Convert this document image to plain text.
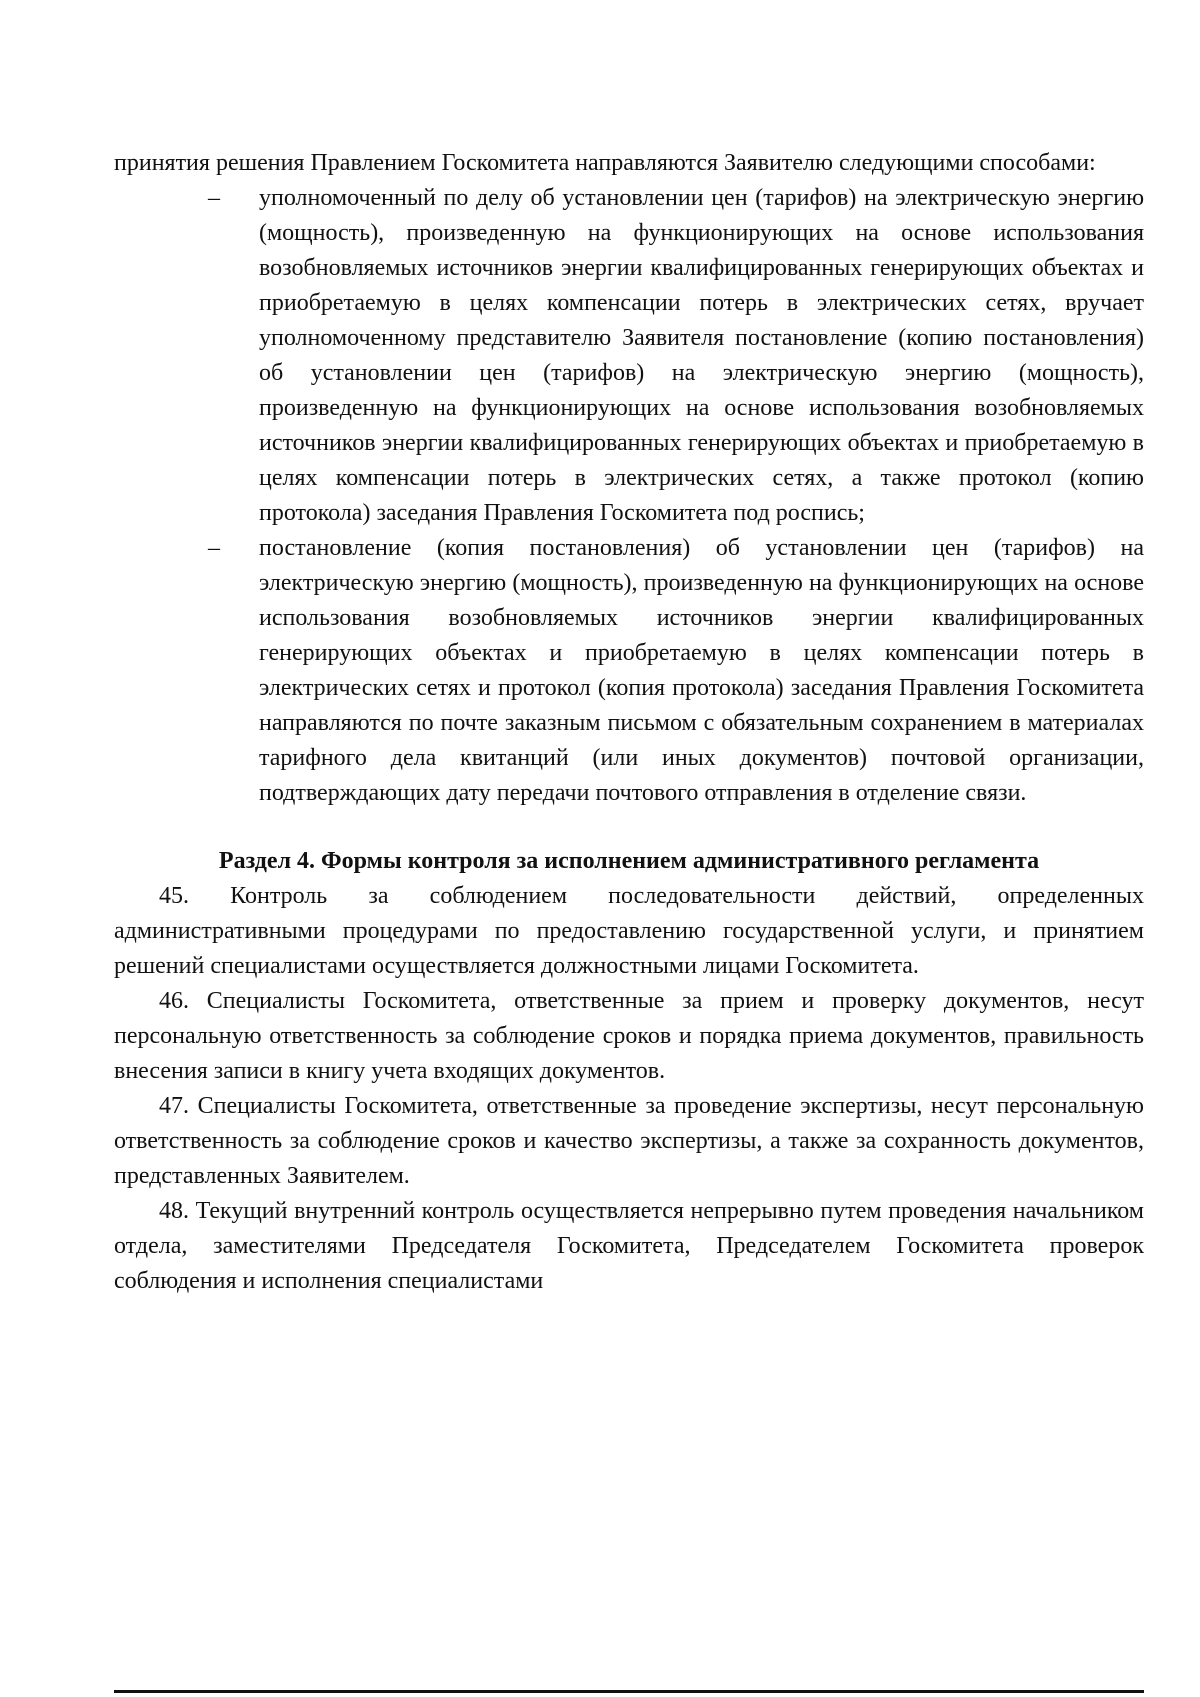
принятия решения Правлением Госкомитета направляются Заявителю следующими способами:

– уполномоченный по делу об установлении цен (тарифов) на электрическую энергию (мощность), произведенную на функционирующих на основе использования возобновляемых источников энергии квалифицированных генерирующих объектах и приобретаемую в целях компенсации потерь в электрических сетях, вручает уполномоченному представителю Заявителя постановление (копию постановления) об установлении цен (тарифов) на электрическую энергию (мощность), произведенную на функционирующих на основе использования возобновляемых источников энергии квалифицированных генерирующих объектах и приобретаемую в целях компенсации потерь в электрических сетях, а также протокол (копию протокола) заседания Правления Госкомитета под роспись;
– постановление (копия постановления) об установлении цен (тарифов) на электрическую энергию (мощность), произведенную на функционирующих на основе использования возобновляемых источников энергии квалифицированных генерирующих объектах и приобретаемую в целях компенсации потерь в электрических сетях и протокол (копия протокола) заседания Правления Госкомитета направляются по почте заказным письмом с обязательным сохранением в материалах тарифного дела квитанций (или иных документов) почтовой организации, подтверждающих дату передачи почтового отправления в отделение связи.

Раздел 4. Формы контроля за исполнением административного регламента

45. Контроль за соблюдением последовательности действий, определенных административными процедурами по предоставлению государственной услуги, и принятием решений специалистами осуществляется должностными лицами Госкомитета.

46. Специалисты Госкомитета, ответственные за прием и проверку документов, несут персональную ответственность за соблюдение сроков и порядка приема документов, правильность внесения записи в книгу учета входящих документов.

47. Специалисты Госкомитета, ответственные за проведение экспертизы, несут персональную ответственность за соблюдение сроков и качество экспертизы, а также за сохранность документов, представленных Заявителем.

48. Текущий внутренний контроль осуществляется непрерывно путем проведения начальником отдела, заместителями Председателя Госкомитета, Председателем Госкомитета проверок соблюдения и исполнения специалистами
